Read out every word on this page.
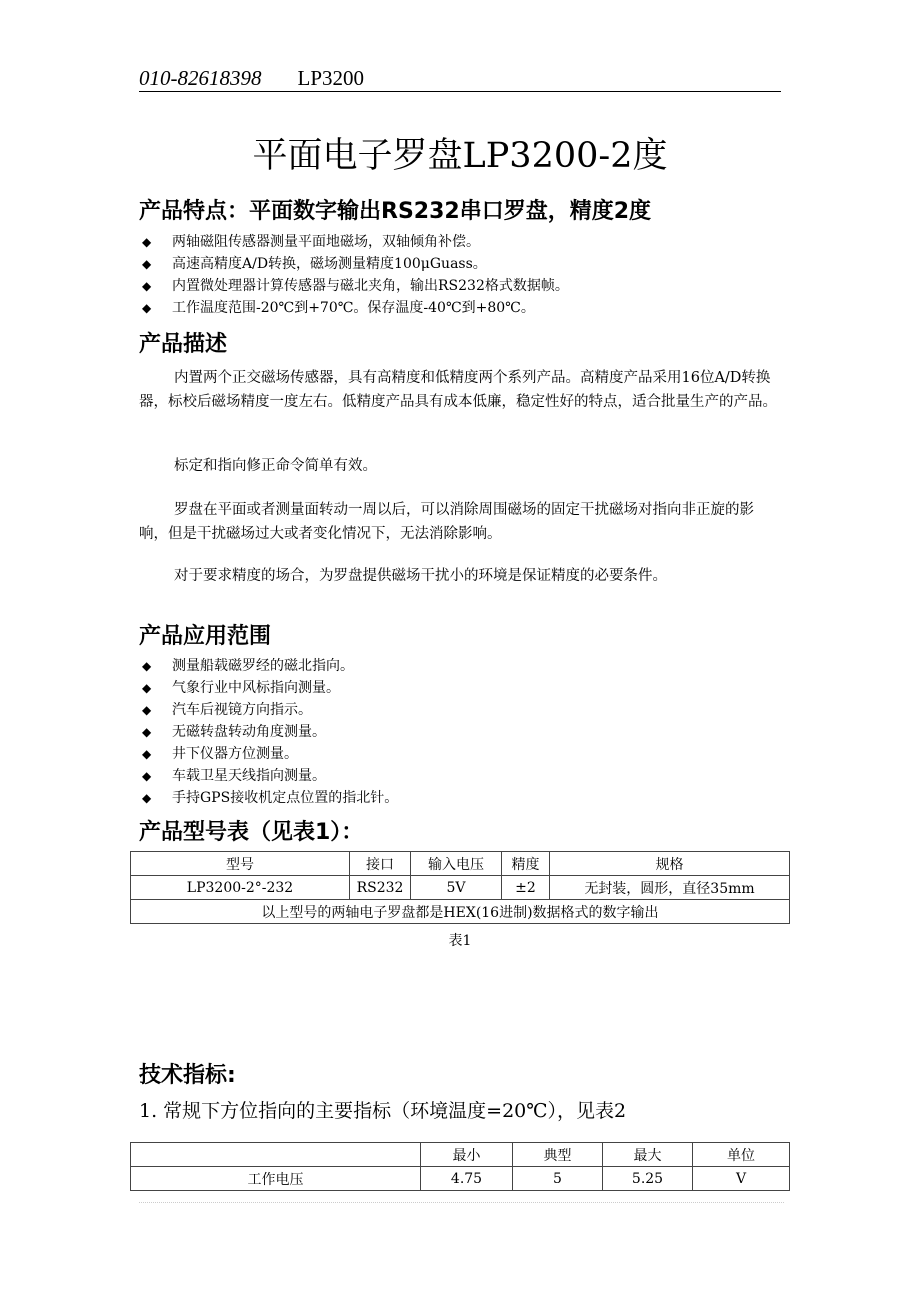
010-82618398 LP3200
平面电子罗盘LP3200-2度
产品特点：平面数字输出RS232串口罗盘，精度2度
◆ 两轴磁阻传感器测量平面地磁场，双轴倾角补偿。
◆ 高速高精度A/D转换，磁场测量精度100μGuass。
◆ 内置微处理器计算传感器与磁北夹角，输出RS232格式数据帧。
◆ 工作温度范围-20℃到+70℃。保存温度-40℃到+80℃。
产品描述
内置两个正交磁场传感器，具有高精度和低精度两个系列产品。高精度产品采用16位A/D转换器，标校后磁场精度一度左右。低精度产品具有成本低廉，稳定性好的特点，适合批量生产的产品。
标定和指向修正命令简单有效。
罗盘在平面或者测量面转动一周以后，可以消除周围磁场的固定干扰磁场对指向非正旋的影响，但是干扰磁场过大或者变化情况下，无法消除影响。
对于要求精度的场合，为罗盘提供磁场干扰小的环境是保证精度的必要条件。
产品应用范围
◆ 测量船载磁罗经的磁北指向。
◆ 气象行业中风标指向测量。
◆ 汽车后视镜方向指示。
◆ 无磁转盘转动角度测量。
◆ 井下仪器方位测量。
◆ 车载卫星天线指向测量。
◆ 手持GPS接收机定点位置的指北针。
产品型号表（见表1）：
型号	接口	输入电压	精度	规格
LP3200-2°-232	RS232	5V	±2	无封装，圆形，直径35mm
以上型号的两轴电子罗盘都是HEX(16进制)数据格式的数字输出				
表1
技术指标:
1. 常规下方位指向的主要指标（环境温度=20℃），见表2
	最小	典型	最大	单位
工作电压	4.75	5	5.25	V
